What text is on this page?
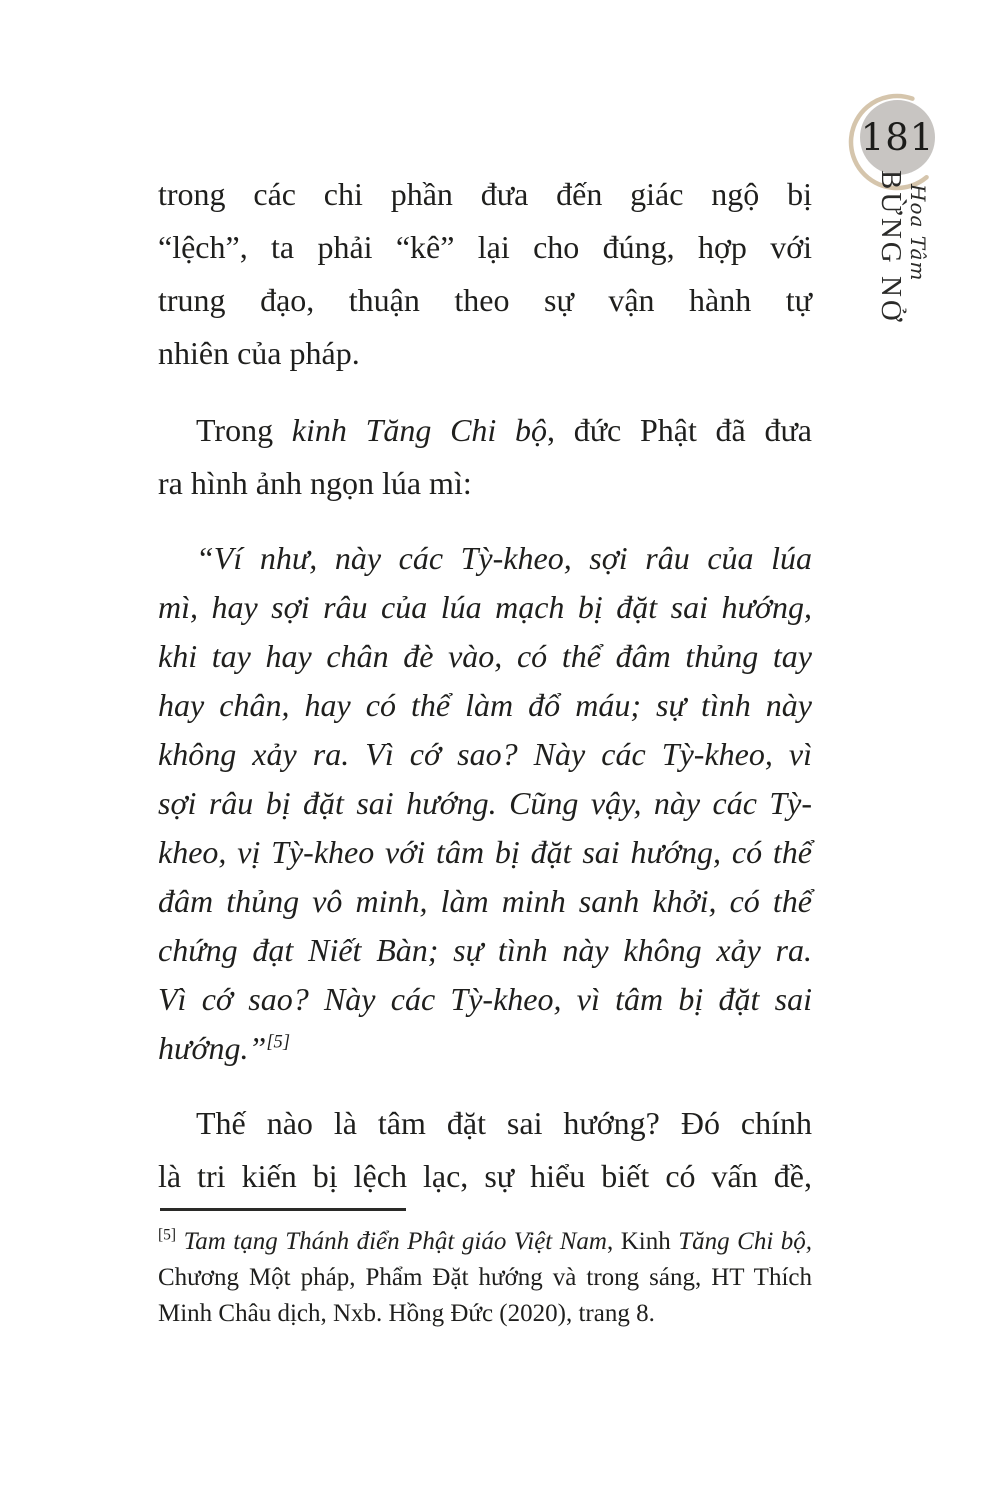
181
Hoa Tâm
BỪNG NỞ
trong các chi phần đưa đến giác ngộ bị
“lệch”, ta phải “kê” lại cho đúng, hợp với
trung đạo, thuận theo sự vận hành tự
nhiên của pháp.
Trong kinh Tăng Chi bộ, đức Phật đã đưa
ra hình ảnh ngọn lúa mì:
“Ví như, này các Tỳ-kheo, sợi râu của lúa
mì, hay sợi râu của lúa mạch bị đặt sai hướng,
khi tay hay chân đè vào, có thể đâm thủng tay
hay chân, hay có thể làm đổ máu; sự tình này
không xảy ra. Vì cớ sao? Này các Tỳ-kheo, vì
sợi râu bị đặt sai hướng. Cũng vậy, này các Tỳ-
kheo, vị Tỳ-kheo với tâm bị đặt sai hướng, có thể
đâm thủng vô minh, làm minh sanh khởi, có thể
chứng đạt Niết Bàn; sự tình này không xảy ra.
Vì cớ sao? Này các Tỳ-kheo, vì tâm bị đặt sai
hướng.”[5]
Thế nào là tâm đặt sai hướng? Đó chính
là tri kiến bị lệch lạc, sự hiểu biết có vấn đề,
[5] Tam tạng Thánh điển Phật giáo Việt Nam, Kinh Tăng Chi bộ,
Chương Một pháp, Phẩm Đặt hướng và trong sáng, HT Thích
Minh Châu dịch, Nxb. Hồng Đức (2020), trang 8.
